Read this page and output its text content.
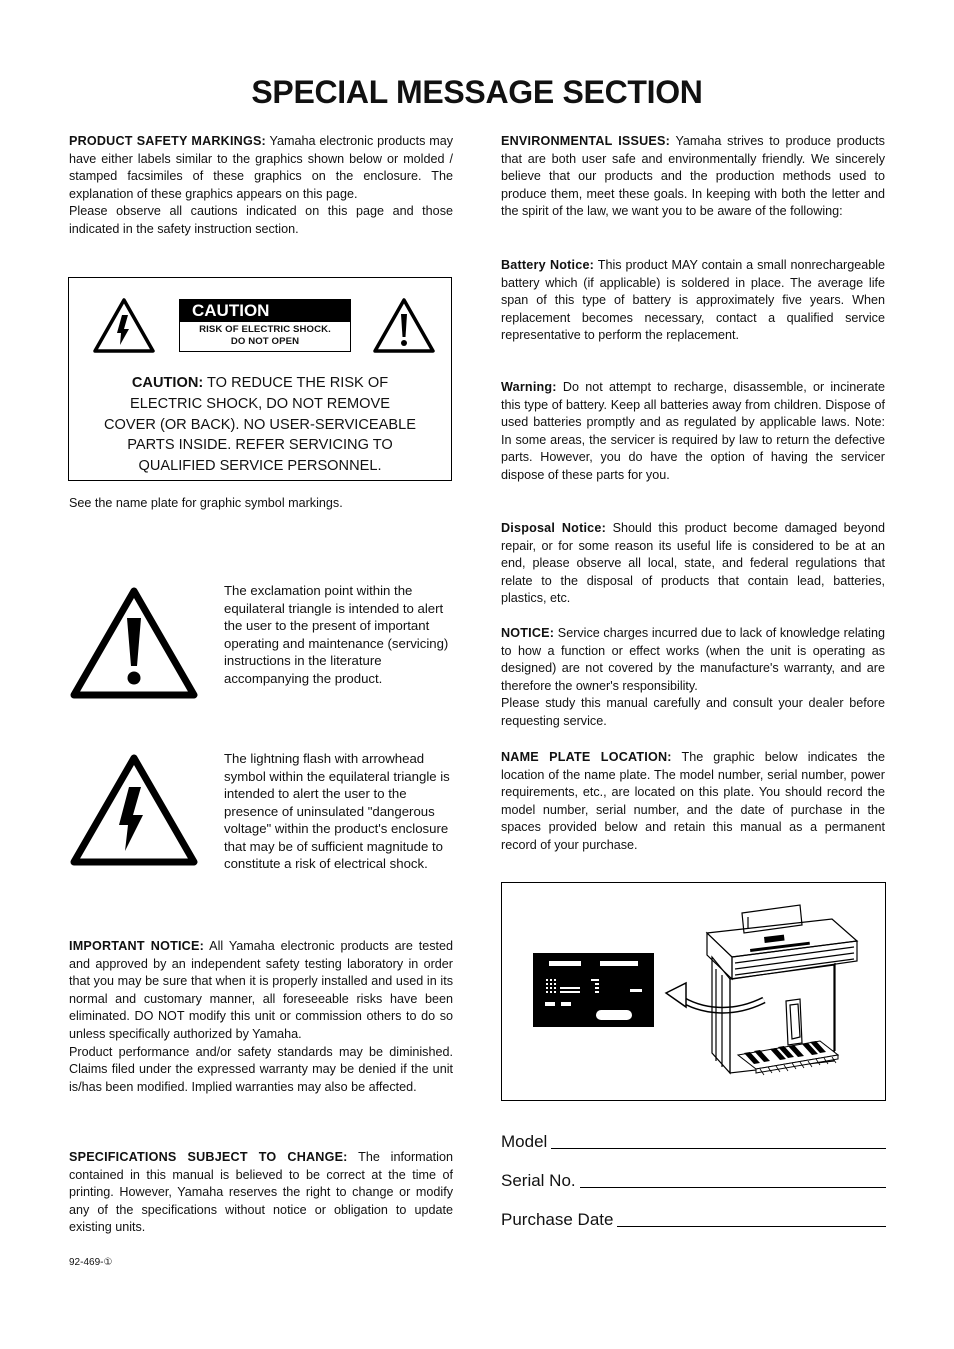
SPECIAL MESSAGE SECTION

PRODUCT SAFETY MARKINGS: Yamaha electronic products may have either labels similar to the graphics shown below or molded / stamped facsimiles of these graphics on the enclosure. The explanation of these graphics appears on this page.

Please observe all cautions indicated on this page and those indicated in the safety instruction section.

CAUTION
RISK OF ELECTRIC SHOCK.
DO NOT OPEN
CAUTION: TO REDUCE THE RISK OF
ELECTRIC SHOCK, DO NOT REMOVE
COVER (OR BACK). NO USER-SERVICEABLE
PARTS INSIDE. REFER SERVICING TO
QUALIFIED SERVICE PERSONNEL.
See the name plate for graphic symbol markings.

The exclamation point within the equilateral triangle is intended to alert the user to the present of important operating and maintenance (servicing) instructions in the literature accompanying the product.

The lightning flash with arrowhead symbol within the equilateral triangle is intended to alert the user to the presence of uninsulated "dangerous voltage" within the product's enclosure that may be of sufficient magnitude to constitute a risk of electrical shock.

IMPORTANT NOTICE: All Yamaha electronic products are tested and approved by an independent safety testing laboratory in order that you may be sure that when it is properly installed and used in its normal and customary manner, all foreseeable risks have been eliminated. DO NOT modify this unit or commission others to do so unless specifically authorized by Yamaha.

Product performance and/or safety standards may be diminished. Claims filed under the expressed warranty may be denied if the unit is/has been modified. Implied warranties may also be affected.

SPECIFICATIONS SUBJECT TO CHANGE: The information contained in this manual is believed to be correct at the time of printing. However, Yamaha reserves the right to change or modify any of the specifications without notice or obligation to update existing units.

92-469-①

ENVIRONMENTAL ISSUES: Yamaha strives to produce products that are both user safe and environmentally friendly. We sincerely believe that our products and the production methods used to produce them, meet these goals. In keeping with both the letter and the spirit of the law, we want you to be aware of the following:

Battery Notice: This product MAY contain a small nonrechargeable battery which (if applicable) is soldered in place. The average life span of this type of battery is approximately five years. When replacement becomes necessary, contact a qualified service representative to perform the replacement.

Warning: Do not attempt to recharge, disassemble, or incinerate this type of battery. Keep all batteries away from children. Dispose of used batteries promptly and as regulated by applicable laws. Note: In some areas, the servicer is required by law to return the defective parts. However, you do have the option of having the servicer dispose of these parts for you.

Disposal Notice: Should this product become damaged beyond repair, or for some reason its useful life is considered to be at an end, please observe all local, state, and federal regulations that relate to the disposal of products that contain lead, batteries, plastics, etc.

NOTICE: Service charges incurred due to lack of knowledge relating to how a function or effect works (when the unit is operating as designed) are not covered by the manufacture's warranty, and are therefore the owner's responsibility.

Please study this manual carefully and consult your dealer before requesting service.

NAME PLATE LOCATION: The graphic below indicates the location of the name plate. The model number, serial number, power requirements, etc., are located on this plate. You should record the model number, serial number, and the date of purchase in the spaces provided below and retain this manual as a permanent record of your purchase.

Model
Serial No.
Purchase Date
